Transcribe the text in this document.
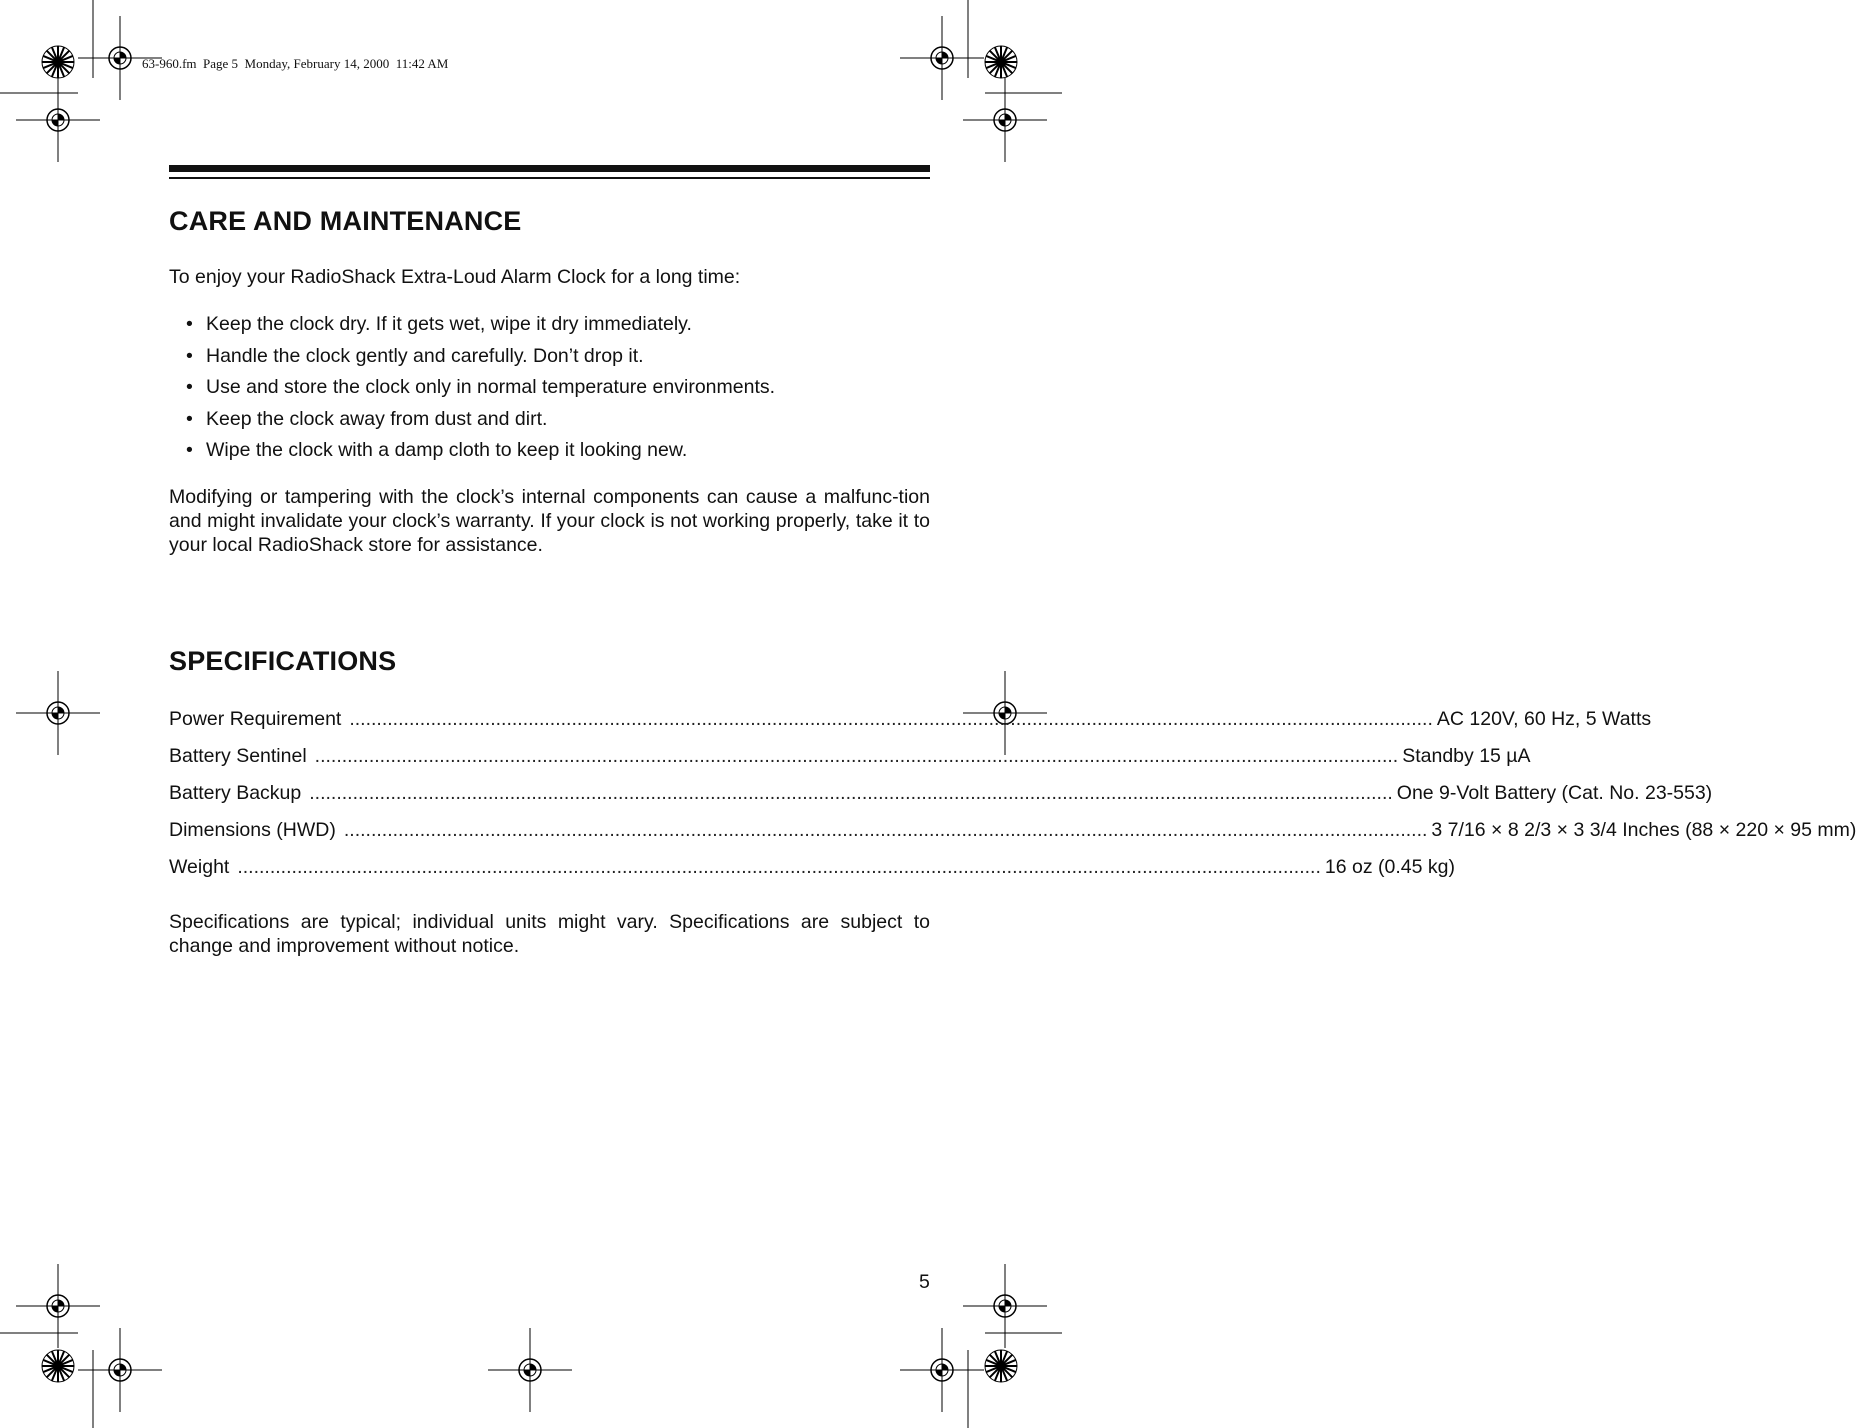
63-960.fm  Page 5  Monday, February 14, 2000  11:42 AM
CARE AND MAINTENANCE

To enjoy your RadioShack Extra-Loud Alarm Clock for a long time:

• Keep the clock dry. If it gets wet, wipe it dry immediately.
• Handle the clock gently and carefully. Don’t drop it.
• Use and store the clock only in normal temperature environments.
• Keep the clock away from dust and dirt.
• Wipe the clock with a damp cloth to keep it looking new.

Modifying or tampering with the clock’s internal components can cause a malfunc-tion and might invalidate your clock’s warranty. If your clock is not working properly, take it to your local RadioShack store for assistance.

SPECIFICATIONS
Power Requirement ........................................................................................................................................................................................................ AC 120V, 60 Hz, 5 Watts
Battery Sentinel ........................................................................................................................................................................................................ Standby 15 µA
Battery Backup ........................................................................................................................................................................................................ One 9-Volt Battery (Cat. No. 23-553)
Dimensions (HWD) ........................................................................................................................................................................................................ 3 7/16 × 8 2/3 × 3 3/4 Inches (88 × 220 × 95 mm)
Weight ........................................................................................................................................................................................................ 16 oz (0.45 kg)

Specifications are typical; individual units might vary. Specifications are subject to change and improvement without notice.

5
